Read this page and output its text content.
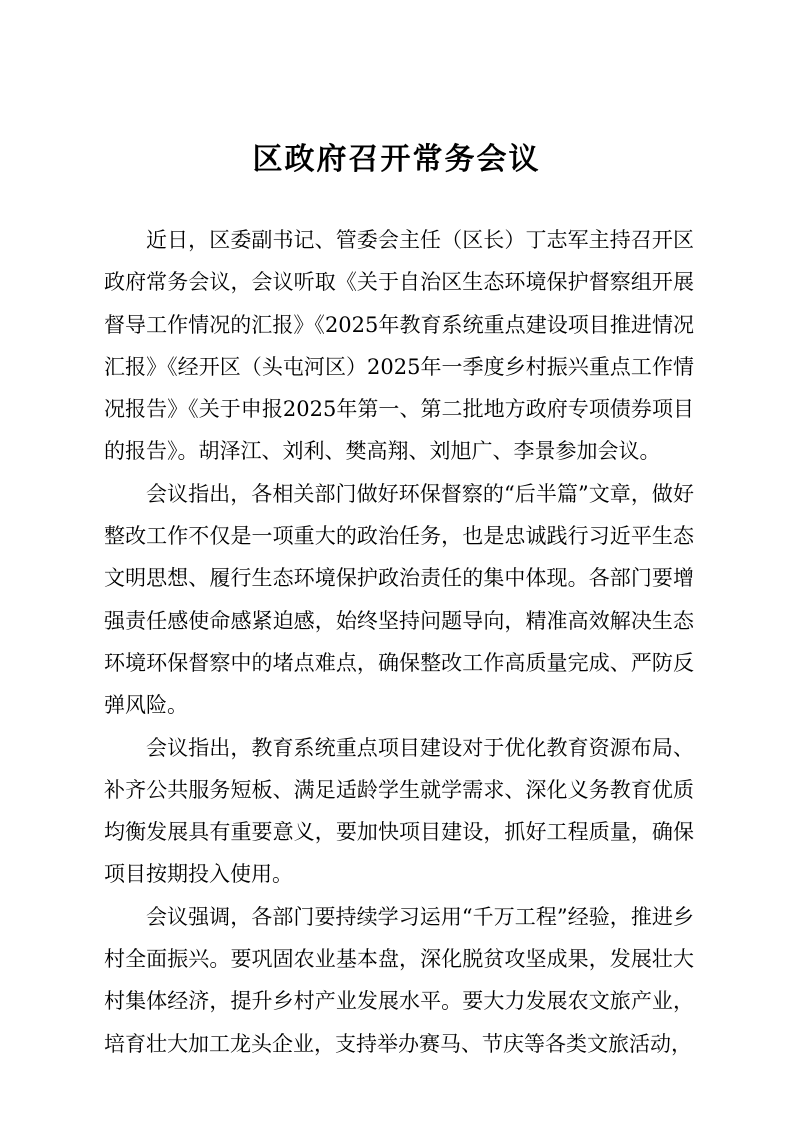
区政府召开常务会议

近日，区委副书记、管委会主任（区长）丁志军主持召开区政府常务会议，会议听取《关于自治区生态环境保护督察组开展督导工作情况的汇报》《2025年教育系统重点建设项目推进情况汇报》《经开区（头屯河区）2025年一季度乡村振兴重点工作情况报告》《关于申报2025年第一、第二批地方政府专项债券项目的报告》。胡泽江、刘利、樊高翔、刘旭广、李景参加会议。

会议指出，各相关部门做好环保督察的“后半篇”文章，做好整改工作不仅是一项重大的政治任务，也是忠诚践行习近平生态文明思想、履行生态环境保护政治责任的集中体现。各部门要增强责任感使命感紧迫感，始终坚持问题导向，精准高效解决生态环境环保督察中的堵点难点，确保整改工作高质量完成、严防反弹风险。

会议指出，教育系统重点项目建设对于优化教育资源布局、补齐公共服务短板、满足适龄学生就学需求、深化义务教育优质均衡发展具有重要意义，要加快项目建设，抓好工程质量，确保项目按期投入使用。

会议强调，各部门要持续学习运用“千万工程”经验，推进乡村全面振兴。要巩固农业基本盘，深化脱贫攻坚成果，发展壮大村集体经济，提升乡村产业发展水平。要大力发展农文旅产业，培育壮大加工龙头企业，支持举办赛马、节庆等各类文旅活动，
